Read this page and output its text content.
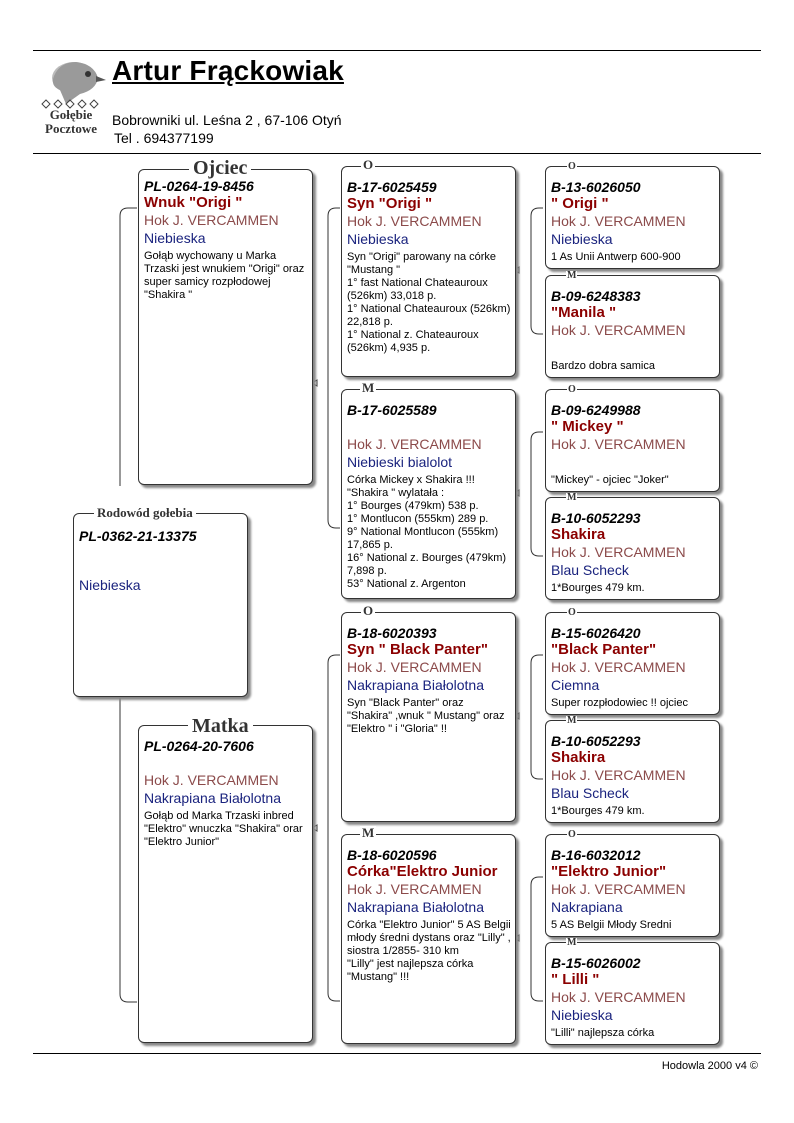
Gołębie
Pocztowe
Artur Frąckowiak
Bobrowniki ul. Leśna 2 , 67-106 Otyń
Tel . 694377199
PL-0362-21-13375
Niebieska
Rodowód gołebia
PL-0264-19-8456
Wnuk "Origi "
Hok J. VERCAMMEN
Niebieska
Gołąb wychowany u Marka Trzaski jest wnukiem "Origi" oraz super samicy rozpłodowej "Shakira "
Ojciec
PL-0264-20-7606
Hok J. VERCAMMEN
Nakrapiana Białolotna
Gołąb od Marka Trzaski inbred "Elektro" wnuczka "Shakira" orar "Elektro Junior"
Matka
B-17-6025459
Syn "Origi "
Hok J. VERCAMMEN
Niebieska
Syn "Origi" parowany na córke "Mustang "
1° fast National Chateauroux (526km) 33,018 p.
1° National Chateauroux (526km) 22,818 p.
1° National z. Chateauroux (526km) 4,935 p.
O
B-17-6025589
Hok J. VERCAMMEN
Niebieski bialolot
Córka Mickey x Shakira !!!
"Shakira " wylatała :
1° Bourges (479km) 538 p.
1° Montlucon (555km) 289 p.
9° National Montlucon (555km) 17,865 p.
16° National z. Bourges (479km) 7,898 p.
53° National z. Argenton
M
B-18-6020393
Syn " Black Panter"
Hok J. VERCAMMEN
Nakrapiana Białolotna
Syn "Black Panter" oraz "Shakira" ,wnuk " Mustang" oraz "Elektro " i "Gloria" !!
O
B-18-6020596
Córka"Elektro Junior
Hok J. VERCAMMEN
Nakrapiana Białolotna
Córka "Elektro Junior" 5 AS Belgii młody średni dystans oraz "Lilly" , siostra 1/2855- 310 km
"Lilly" jest najlepsza córka "Mustang" !!!
M
B-13-6026050
" Origi "
Hok J. VERCAMMEN
Niebieska
1 As Unii Antwerp 600-900
O
B-09-6248383
"Manila "
Hok J. VERCAMMEN
Bardzo dobra samica
M
B-09-6249988
" Mickey "
Hok J. VERCAMMEN
"Mickey" - ojciec "Joker"
O
B-10-6052293
Shakira
Hok J. VERCAMMEN
Blau Scheck
1*Bourges 479 km.
M
B-15-6026420
"Black Panter"
Hok J. VERCAMMEN
Ciemna
Super rozpłodowiec !! ojciec
O
B-10-6052293
Shakira
Hok J. VERCAMMEN
Blau Scheck
1*Bourges 479 km.
M
B-16-6032012
"Elektro Junior"
Hok J. VERCAMMEN
Nakrapiana
5 AS Belgii Młody Sredni
O
B-15-6026002
" Lilli "
Hok J. VERCAMMEN
Niebieska
"Lilli" najlepsza córka
M
Hodowla 2000 v4 ©
